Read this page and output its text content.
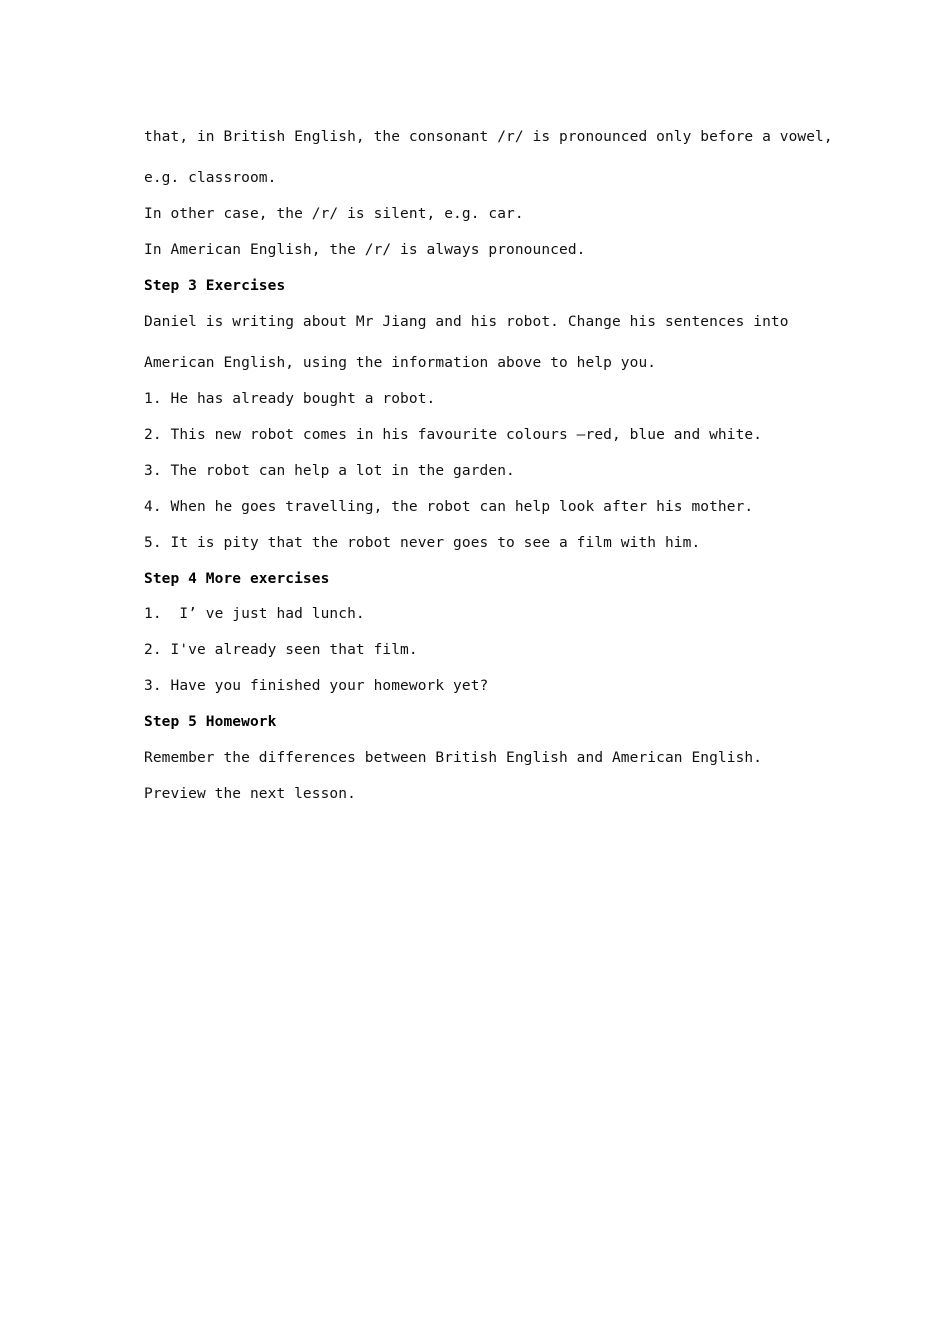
that, in British English, the consonant /r/ is pronounced only before a vowel,
e.g. classroom.
In other case, the /r/ is silent, e.g. car.
In American English, the /r/ is always pronounced.
Step 3 Exercises
Daniel is writing about Mr Jiang and his robot. Change his sentences into
American English, using the information above to help you.
1. He has already bought a robot.
2. This new robot comes in his favourite colours –red, blue and white.
3. The robot can help a lot in the garden.
4. When he goes travelling, the robot can help look after his mother.
5. It is pity that the robot never goes to see a film with him.
Step 4 More exercises
1.  I’ ve just had lunch.
2. I've already seen that film.
3. Have you finished your homework yet?
Step 5 Homework
Remember the differences between British English and American English.
Preview the next lesson.
